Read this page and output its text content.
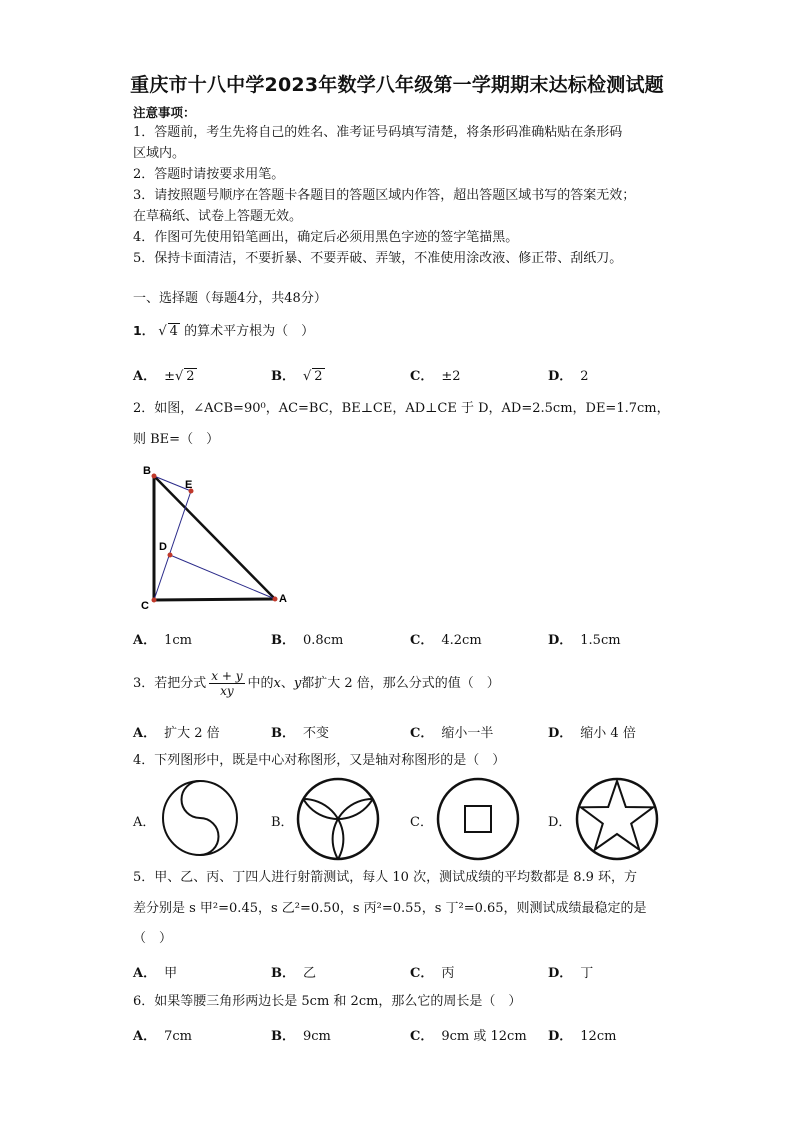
重庆市十八中学2023年数学八年级第一学期期末达标检测试题
注意事项：
1．答题前，考生先将自己的姓名、准考证号码填写清楚，将条形码准确粘贴在条形码
区域内。
2．答题时请按要求用笔。
3．请按照题号顺序在答题卡各题目的答题区域内作答，超出答题区域书写的答案无效；
在草稿纸、试卷上答题无效。
4．作图可先使用铅笔画出，确定后必须用黑色字迹的签字笔描黑。
5．保持卡面清洁，不要折暴、不要弄破、弄皱，不准使用涂改液、修正带、刮纸刀。
一、选择题（每题4分，共48分）
1． √ 4 的算术平方根为（　）
A． ±√ 2	B． √ 2	C． ±2	D． 2
2．如图，∠ACB=90⁰，AC=BC，BE⊥CE，AD⊥CE 于 D，AD=2.5cm，DE=1.7cm，
则 BE=（　）
B
E
D
C
A
A． 1cm	B． 0.8cm	C． 4.2cm	D． 1.5cm
3．若把分式 $\frac{x + y}{xy}$ 中的x、y都扩大 2 倍，那么分式的值（　）
A． 扩大 2 倍	B． 不变	C． 缩小一半	D． 缩小 4 倍
4．下列图形中，既是中心对称图形，又是轴对称图形的是（　）
A．	B．	C．	D．
5．甲、乙、丙、丁四人进行射箭测试，每人 10 次，测试成绩的平均数都是 8.9 环，方
差分别是 s 甲²=0.45，s 乙²=0.50，s 丙²=0.55，s 丁²=0.65，则测试成绩最稳定的是
（　）
A． 甲	B． 乙	C． 丙	D． 丁
6．如果等腰三角形两边长是 5cm 和 2cm，那么它的周长是（　）
A． 7cm	B． 9cm	C． 9cm 或 12cm D． 12cm
